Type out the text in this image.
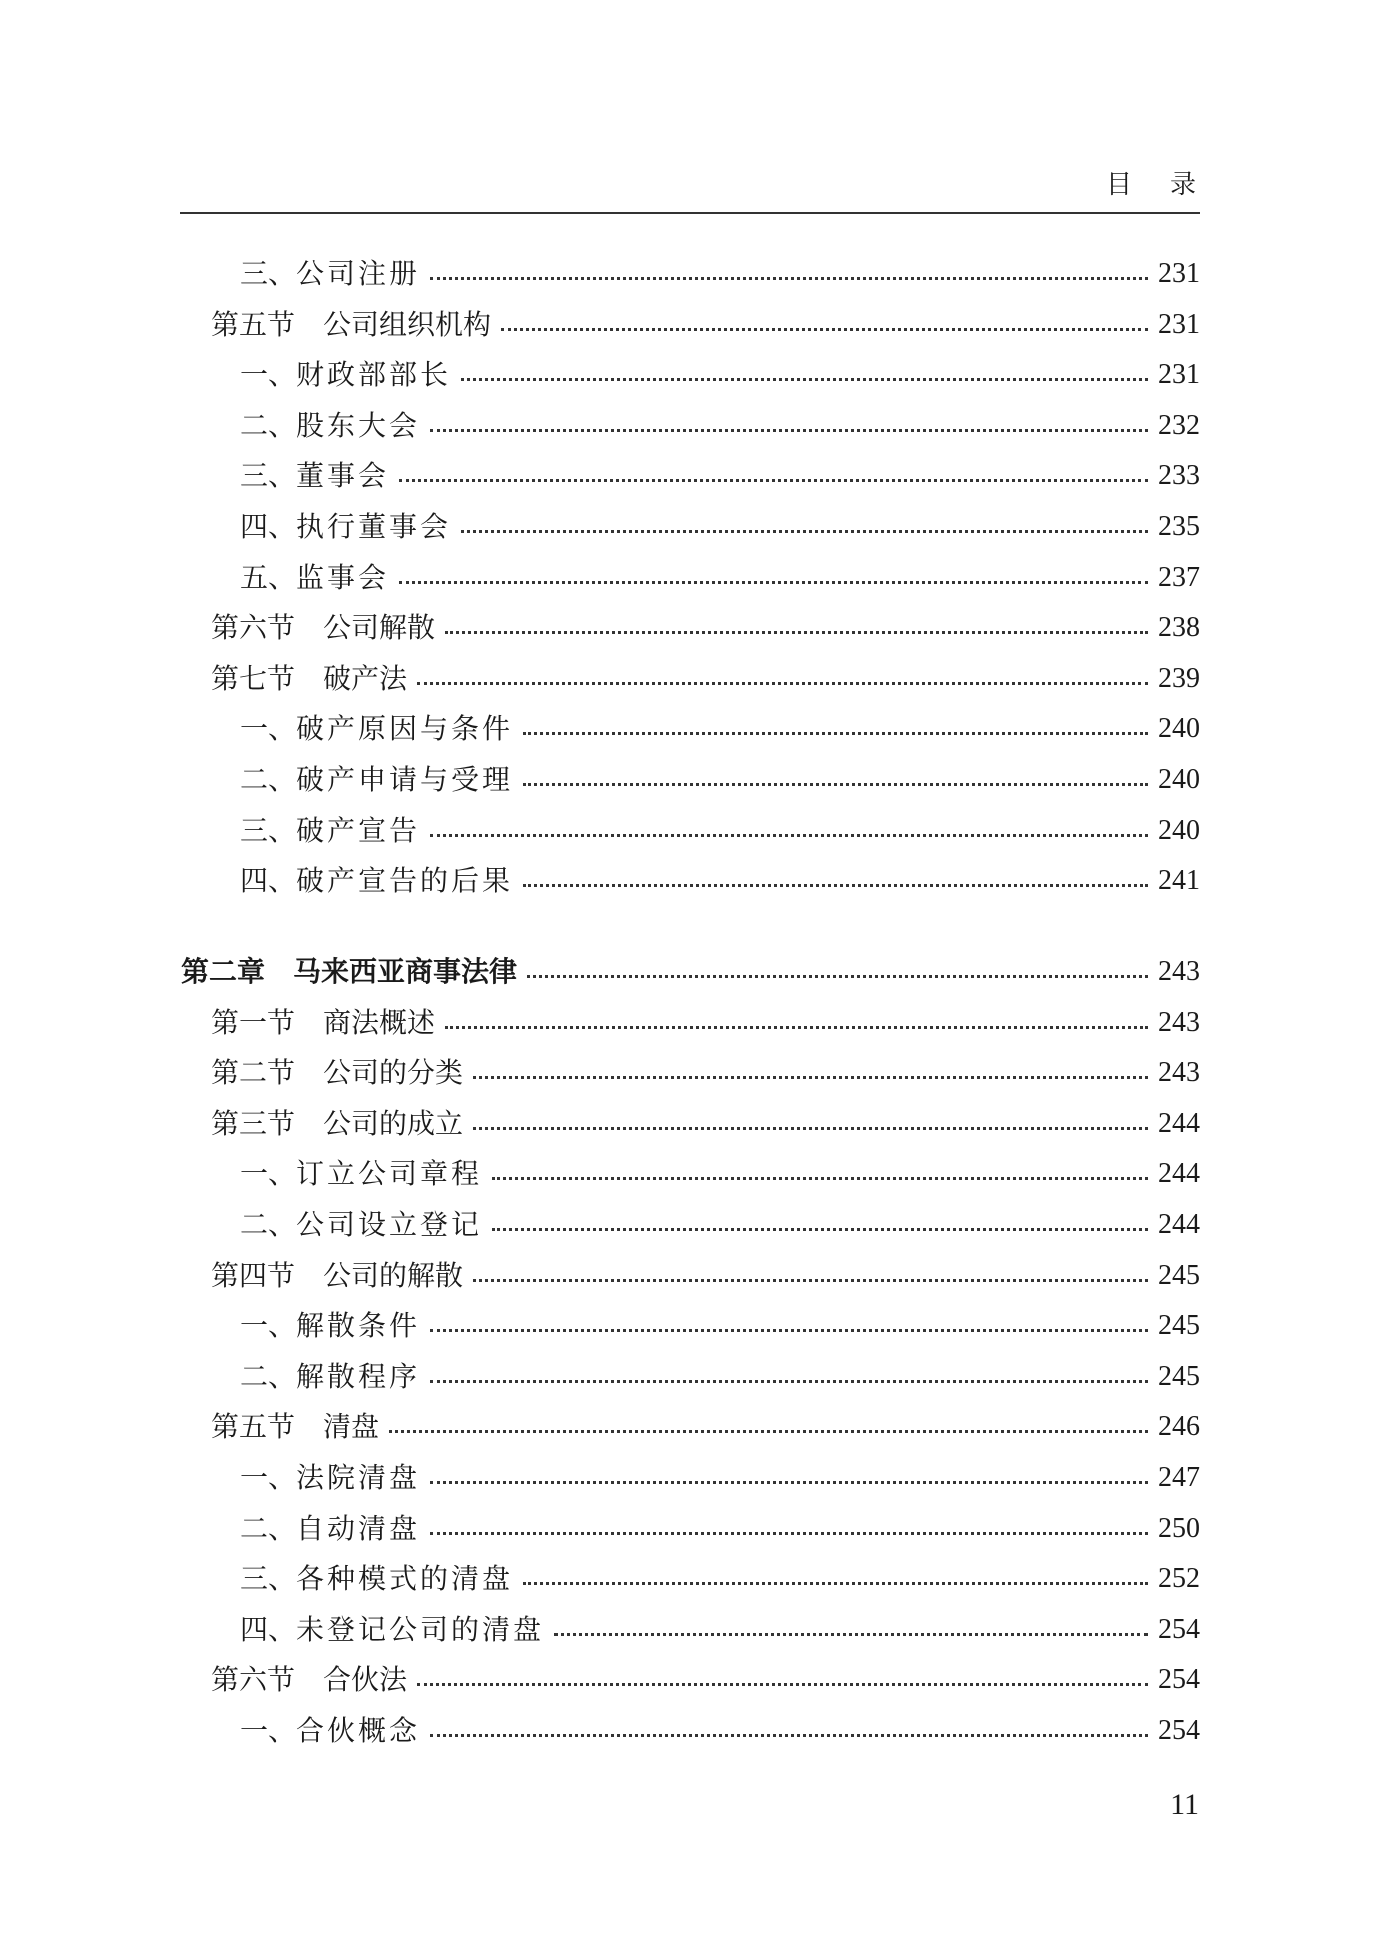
目录
三、 公司注册	231
第五节 公司组织机构	231
一、 财政部部长	231
二、 股东大会	232
三、 董事会	233
四、 执行董事会	235
五、 监事会	237
第六节 公司解散	238
第七节 破产法	239
一、 破产原因与条件	240
二、 破产申请与受理	240
三、 破产宣告	240
四、 破产宣告的后果	241
第二章 马来西亚商事法律	243
第一节 商法概述	243
第二节 公司的分类	243
第三节 公司的成立	244
一、 订立公司章程	244
二、 公司设立登记	244
第四节 公司的解散	245
一、 解散条件	245
二、 解散程序	245
第五节 清盘	246
一、 法院清盘	247
二、 自动清盘	250
三、 各种模式的清盘	252
四、 未登记公司的清盘	254
第六节 合伙法	254
一、 合伙概念	254
11
